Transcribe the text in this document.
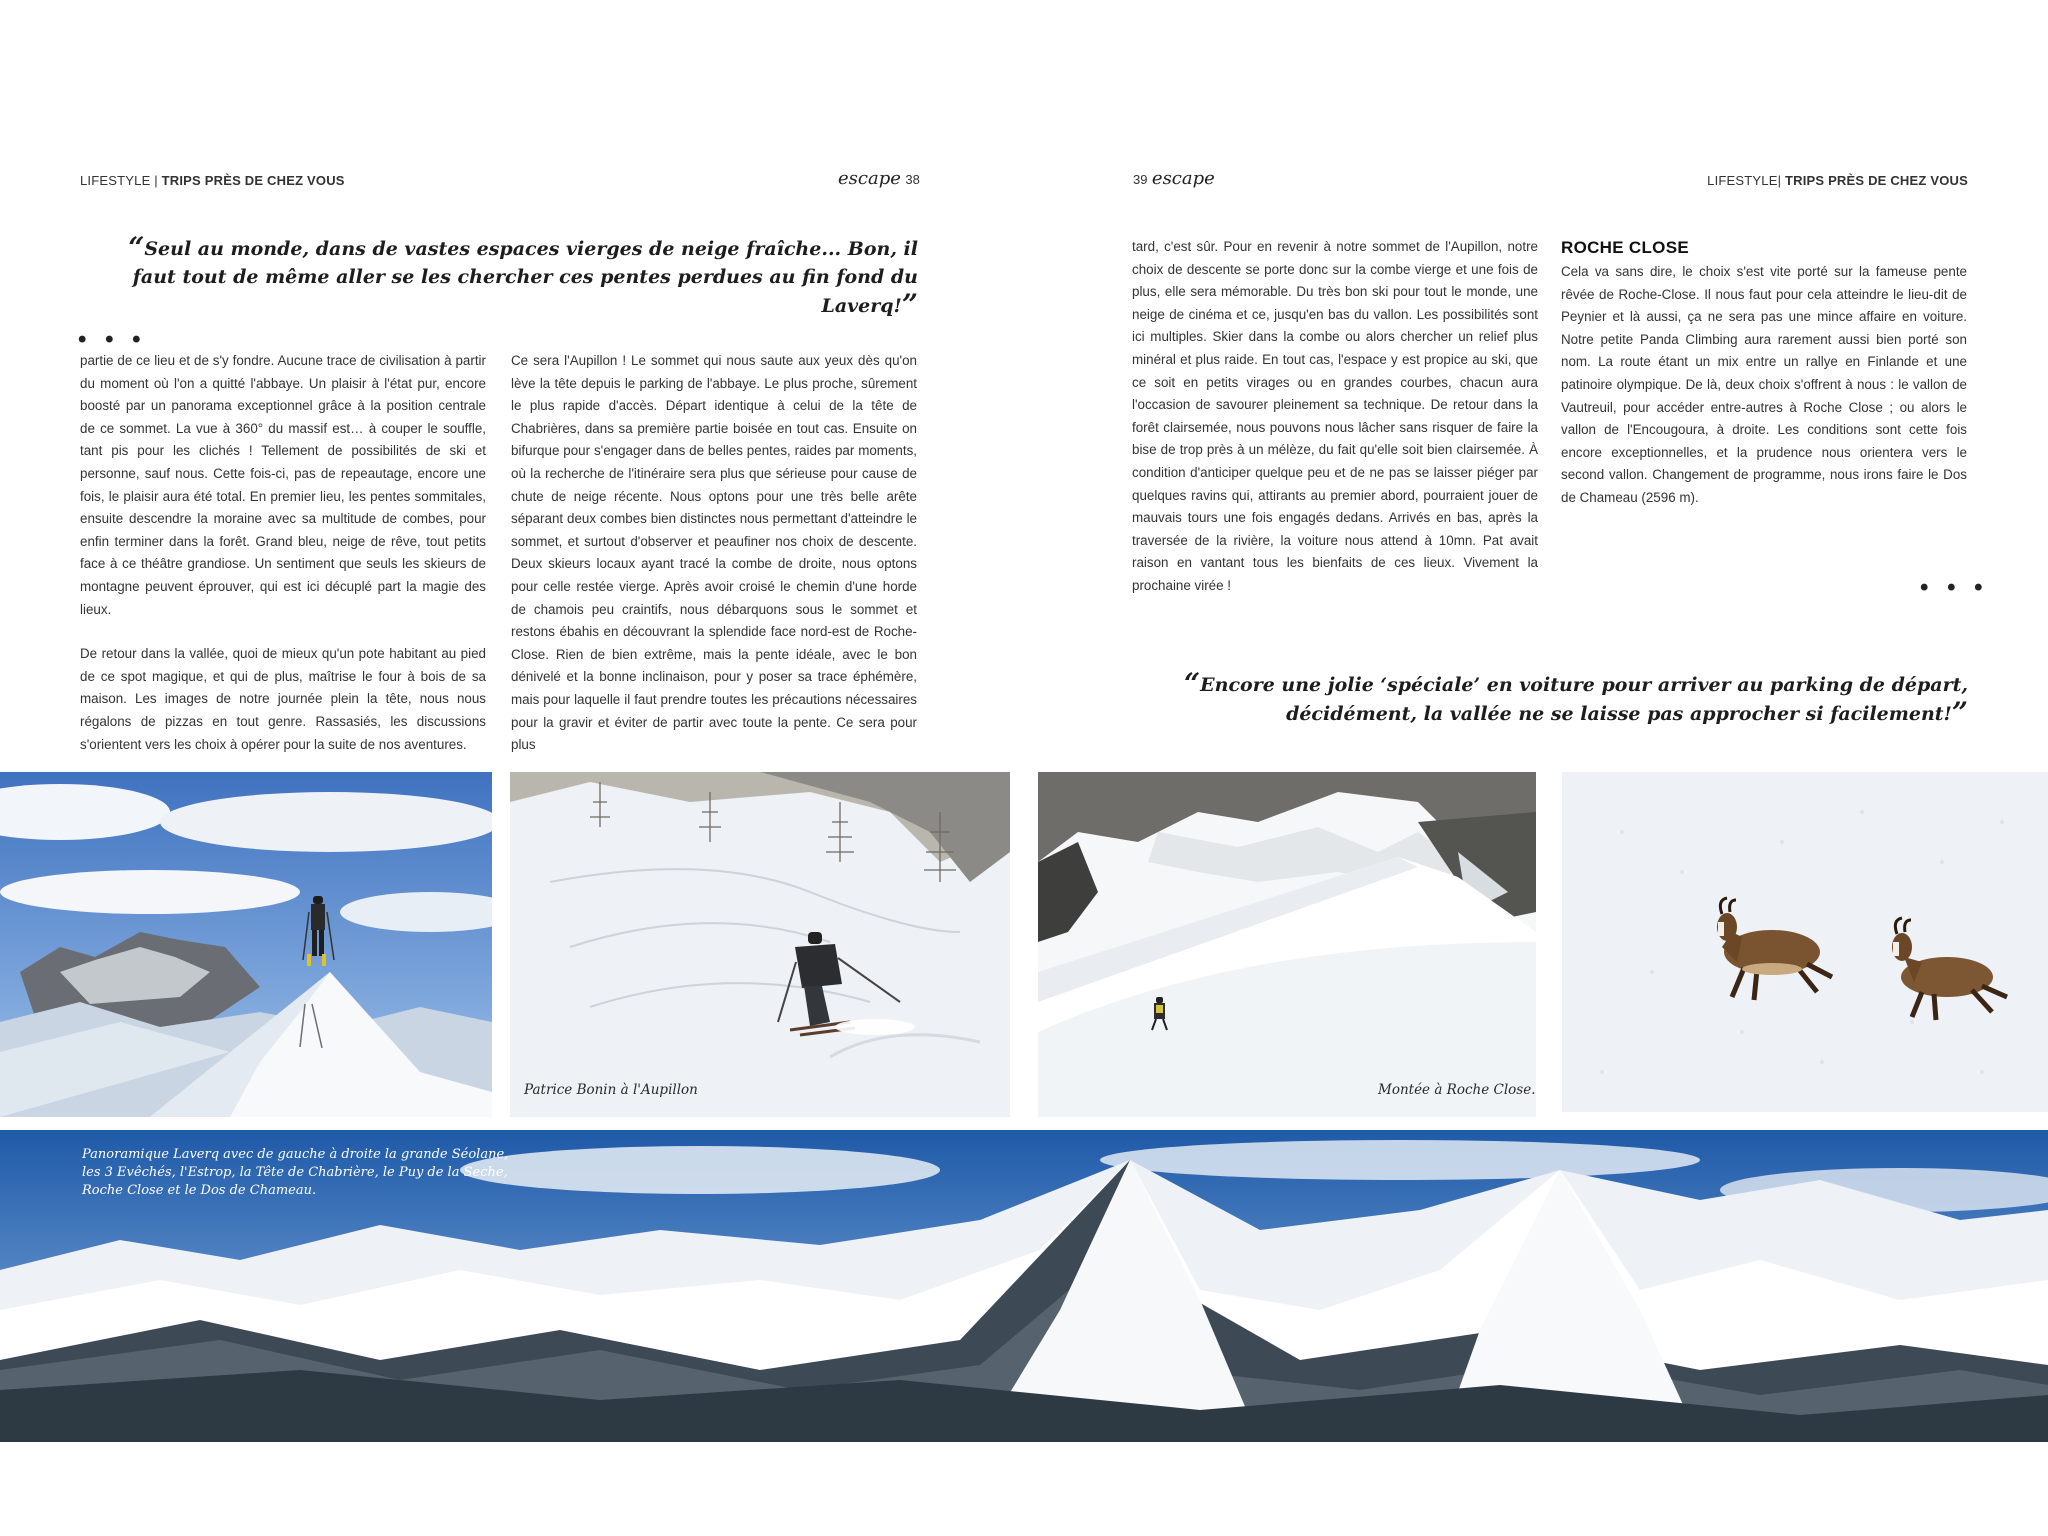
LIFESTYLE | TRIPS PRÈS DE CHEZ VOUS	escape 38
“Seul au monde, dans de vastes espaces vierges de neige fraîche... Bon, il faut tout de même aller se les chercher ces pentes perdues au fin fond du Laverq!”
• • •

partie de ce lieu et de s'y fondre. Aucune trace de civilisation à partir du moment où l'on a quitté l'abbaye. Un plaisir à l'état pur, encore boosté par un panorama exceptionnel grâce à la position centrale de ce sommet. La vue à 360° du massif est… à couper le souffle, tant pis pour les clichés ! Tellement de possibilités de ski et personne, sauf nous. Cette fois-ci, pas de repeautage, encore une fois, le plaisir aura été total. En premier lieu, les pentes sommitales, ensuite descendre la moraine avec sa multitude de combes, pour enfin terminer dans la forêt. Grand bleu, neige de rêve, tout petits face à ce théâtre grandiose. Un sentiment que seuls les skieurs de montagne peuvent éprouver, qui est ici décuplé part la magie des lieux.

De retour dans la vallée, quoi de mieux qu'un pote habitant au pied de ce spot magique, et qui de plus, maîtrise le four à bois de sa maison. Les images de notre journée plein la tête, nous nous régalons de pizzas en tout genre. Rassasiés, les discussions s'orientent vers les choix à opérer pour la suite de nos aventures.

Ce sera l'Aupillon ! Le sommet qui nous saute aux yeux dès qu'on lève la tête depuis le parking de l'abbaye. Le plus proche, sûrement le plus rapide d'accès. Départ identique à celui de la tête de Chabrières, dans sa première partie boisée en tout cas. Ensuite on bifurque pour s'engager dans de belles pentes, raides par moments, où la recherche de l'itinéraire sera plus que sérieuse pour cause de chute de neige récente. Nous optons pour une très belle arête séparant deux combes bien distinctes nous permettant d'atteindre le sommet, et surtout d'observer et peaufiner nos choix de descente. Deux skieurs locaux ayant tracé la combe de droite, nous optons pour celle restée vierge. Après avoir croisé le chemin d'une horde de chamois peu craintifs, nous débarquons sous le sommet et restons ébahis en découvrant la splendide face nord-est de Roche-Close. Rien de bien extrême, mais la pente idéale, avec le bon dénivelé et la bonne inclinaison, pour y poser sa trace éphémère, mais pour laquelle il faut prendre toutes les précautions nécessaires pour la gravir et éviter de partir avec toute la pente. Ce sera pour plus

39 escape	LIFESTYLE| TRIPS PRÈS DE CHEZ VOUS

tard, c'est sûr. Pour en revenir à notre sommet de l'Aupillon, notre choix de descente se porte donc sur la combe vierge et une fois de plus, elle sera mémorable. Du très bon ski pour tout le monde, une neige de cinéma et ce, jusqu'en bas du vallon. Les possibilités sont ici multiples. Skier dans la combe ou alors chercher un relief plus minéral et plus raide. En tout cas, l'espace y est propice au ski, que ce soit en petits virages ou en grandes courbes, chacun aura l'occasion de savourer pleinement sa technique. De retour dans la forêt clairsemée, nous pouvons nous lâcher sans risquer de faire la bise de trop près à un mélèze, du fait qu'elle soit bien clairsemée. À condition d'anticiper quelque peu et de ne pas se laisser piéger par quelques ravins qui, attirants au premier abord, pourraient jouer de mauvais tours une fois engagés dedans. Arrivés en bas, après la traversée de la rivière, la voiture nous attend à 10mn. Pat avait raison en vantant tous les bienfaits de ces lieux. Vivement la prochaine virée !

ROCHE CLOSE

Cela va sans dire, le choix s'est vite porté sur la fameuse pente rêvée de Roche-Close. Il nous faut pour cela atteindre le lieu-dit de Peynier et là aussi, ça ne sera pas une mince affaire en voiture. Notre petite Panda Climbing aura rarement aussi bien porté son nom. La route étant un mix entre un rallye en Finlande et une patinoire olympique. De là, deux choix s'offrent à nous : le vallon de Vautreuil, pour accéder entre-autres à Roche Close ; ou alors le vallon de l'Encougoura, à droite. Les conditions sont cette fois encore exceptionnelles, et la prudence nous orientera vers le second vallon. Changement de programme, nous irons faire le Dos de Chameau (2596 m).

• • •
“Encore une jolie ‘spéciale’ en voiture pour arriver au parking de départ, décidément, la vallée ne se laisse pas approcher si facilement!”
Patrice Bonin à l'Aupillon	Montée à Roche Close.
Panoramique Laverq avec de gauche à droite la grande Séolane,
les 3 Evêchés, l'Estrop, la Tête de Chabrière, le Puy de la Seche,
Roche Close et le Dos de Chameau.
